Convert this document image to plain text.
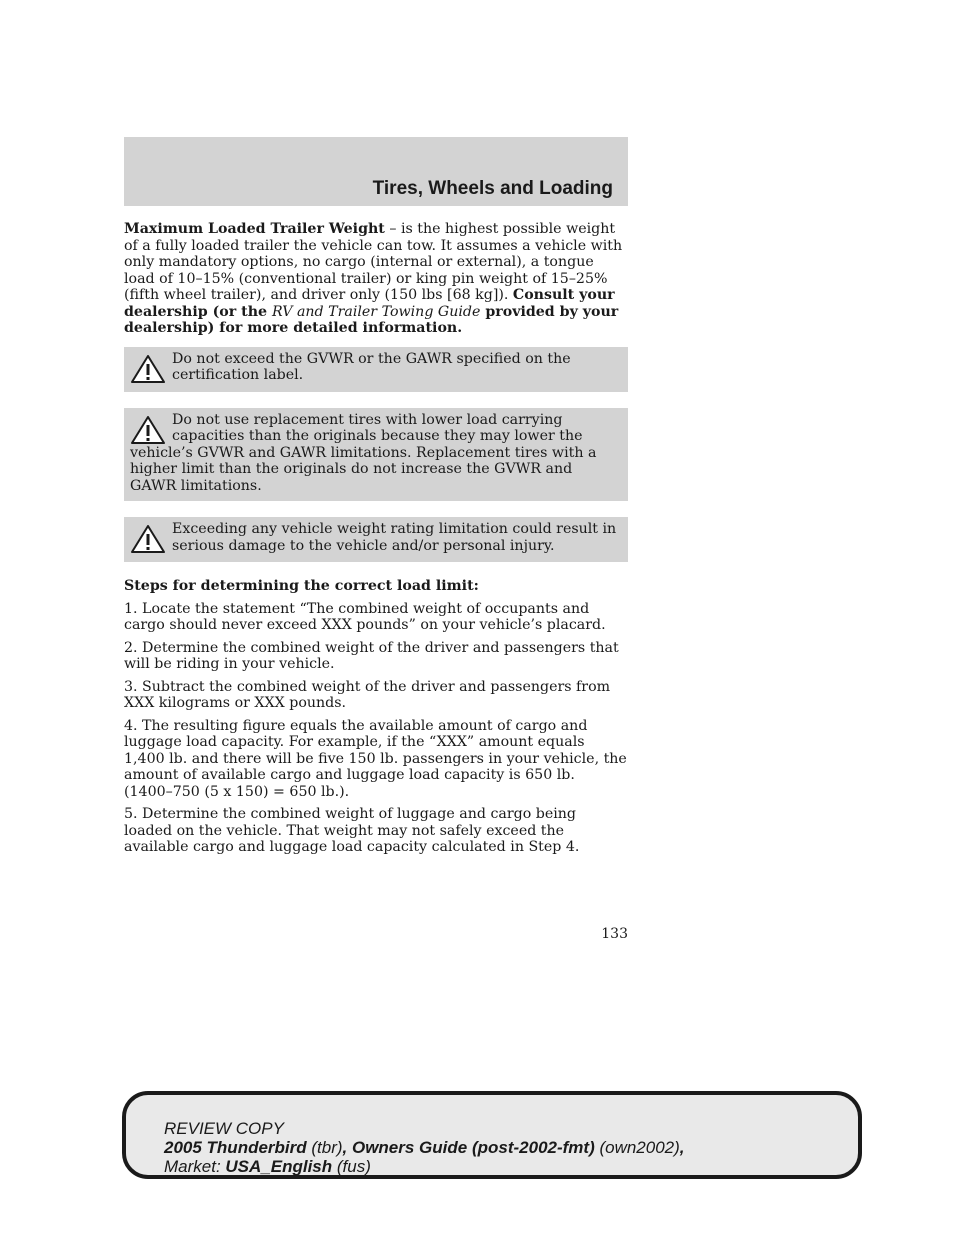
Tires, Wheels and Loading

Maximum Loaded Trailer Weight – is the highest possible weight of a fully loaded trailer the vehicle can tow. It assumes a vehicle with only mandatory options, no cargo (internal or external), a tongue load of 10–15% (conventional trailer) or king pin weight of 15–25% (fifth wheel trailer), and driver only (150 lbs [68 kg]). Consult your dealership (or the RV and Trailer Towing Guide provided by your dealership) for more detailed information.

Do not exceed the GVWR or the GAWR specified on the certification label.

Do not use replacement tires with lower load carrying capacities than the originals because they may lower the vehicle’s GVWR and GAWR limitations. Replacement tires with a higher limit than the originals do not increase the GVWR and GAWR limitations.

Exceeding any vehicle weight rating limitation could result in serious damage to the vehicle and/or personal injury.

Steps for determining the correct load limit:

1. Locate the statement “The combined weight of occupants and cargo should never exceed XXX pounds” on your vehicle’s placard.

2. Determine the combined weight of the driver and passengers that will be riding in your vehicle.

3. Subtract the combined weight of the driver and passengers from XXX kilograms or XXX pounds.

4. The resulting figure equals the available amount of cargo and luggage load capacity. For example, if the “XXX” amount equals 1,400 lb. and there will be five 150 lb. passengers in your vehicle, the amount of available cargo and luggage load capacity is 650 lb. (1400–750 (5 x 150) = 650 lb.).

5. Determine the combined weight of luggage and cargo being loaded on the vehicle. That weight may not safely exceed the available cargo and luggage load capacity calculated in Step 4.

133
REVIEW COPY
2005 Thunderbird (tbr), Owners Guide (post-2002-fmt) (own2002),
Market: USA_English (fus)
